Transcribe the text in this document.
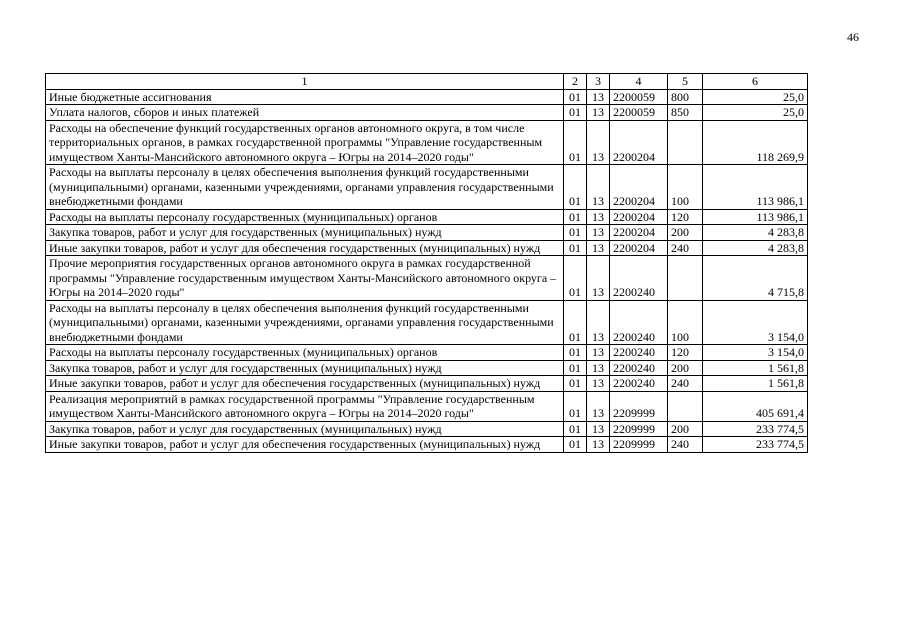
46
1	2	3	4	5	6
Иные бюджетные ассигнования	01	13	2200059	800	25,0
Уплата налогов, сборов и иных платежей	01	13	2200059	850	25,0
Расходы на обеспечение функций государственных органов автономного округа, в том числе территориальных органов, в рамках государственной программы "Управление государственным имуществом Ханты-Мансийского автономного округа – Югры на 2014–2020 годы"	01	13	2200204		118 269,9
Расходы на выплаты персоналу в целях обеспечения выполнения функций государственными (муниципальными) органами, казенными учреждениями, органами управления государственными внебюджетными фондами	01	13	2200204	100	113 986,1
Расходы на выплаты персоналу государственных (муниципальных) органов	01	13	2200204	120	113 986,1
Закупка товаров, работ и услуг для государственных (муниципальных) нужд	01	13	2200204	200	4 283,8
Иные закупки товаров, работ и услуг для обеспечения государственных (муниципальных) нужд	01	13	2200204	240	4 283,8
Прочие мероприятия государственных органов автономного округа в рамках государственной программы "Управление государственным имуществом Ханты-Мансийского автономного округа – Югры на 2014–2020 годы"	01	13	2200240		4 715,8
Расходы на выплаты персоналу в целях обеспечения выполнения функций государственными (муниципальными) органами, казенными учреждениями, органами управления государственными внебюджетными фондами	01	13	2200240	100	3 154,0
Расходы на выплаты персоналу государственных (муниципальных) органов	01	13	2200240	120	3 154,0
Закупка товаров, работ и услуг для государственных (муниципальных) нужд	01	13	2200240	200	1 561,8
Иные закупки товаров, работ и услуг для обеспечения государственных (муниципальных) нужд	01	13	2200240	240	1 561,8
Реализация мероприятий в рамках государственной программы "Управление государственным имуществом Ханты-Мансийского автономного округа – Югры на 2014–2020 годы"	01	13	2209999		405 691,4
Закупка товаров, работ и услуг для государственных (муниципальных) нужд	01	13	2209999	200	233 774,5
Иные закупки товаров, работ и услуг для обеспечения государственных (муниципальных) нужд	01	13	2209999	240	233 774,5
